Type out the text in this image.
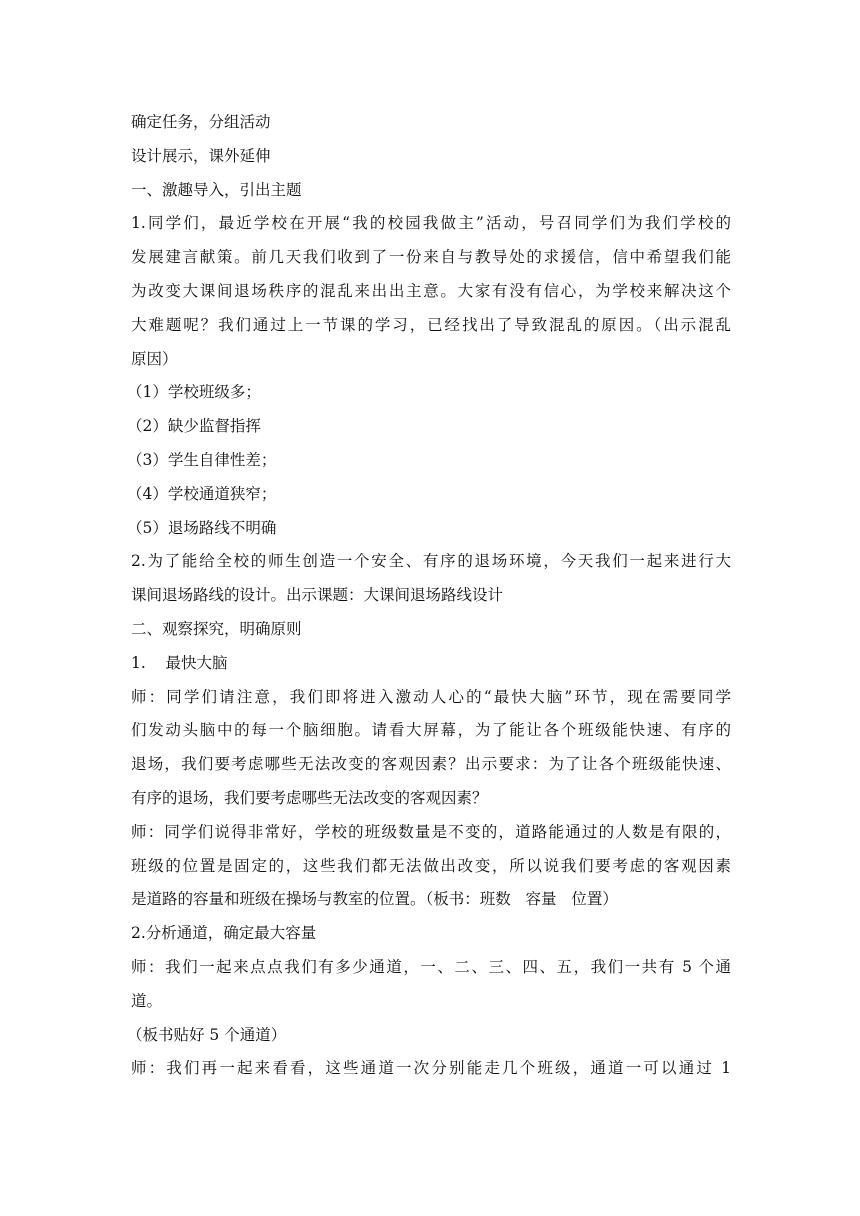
确定任务，分组活动
设计展示，课外延伸
一、激趣导入，引出主题
1.同学们，最近学校在开展“我的校园我做主”活动，号召同学们为我们学校的
发展建言献策。前几天我们收到了一份来自与教导处的求援信，信中希望我们能
为改变大课间退场秩序的混乱来出出主意。大家有没有信心，为学校来解决这个
大难题呢？我们通过上一节课的学习，已经找出了导致混乱的原因。（出示混乱
原因）
（1）学校班级多；
（2）缺少监督指挥
（3）学生自律性差；
（4）学校通道狭窄；
（5）退场路线不明确
2.为了能给全校的师生创造一个安全、有序的退场环境，今天我们一起来进行大
课间退场路线的设计。出示课题：大课间退场路线设计
二、观察探究，明确原则
1.    最快大脑
师：同学们请注意，我们即将进入激动人心的“最快大脑”环节，现在需要同学
们发动头脑中的每一个脑细胞。请看大屏幕，为了能让各个班级能快速、有序的
退场，我们要考虑哪些无法改变的客观因素？出示要求：为了让各个班级能快速、
有序的退场，我们要考虑哪些无法改变的客观因素？
师：同学们说得非常好，学校的班级数量是不变的，道路能通过的人数是有限的，
班级的位置是固定的，这些我们都无法做出改变，所以说我们要考虑的客观因素
是道路的容量和班级在操场与教室的位置。（板书：班数   容量   位置）
2.分析通道，确定最大容量
师：我们一起来点点我们有多少通道，一、二、三、四、五，我们一共有 5 个通
道。
（板书贴好 5 个通道）
师：我们再一起来看看，这些通道一次分别能走几个班级，通道一可以通过 1
